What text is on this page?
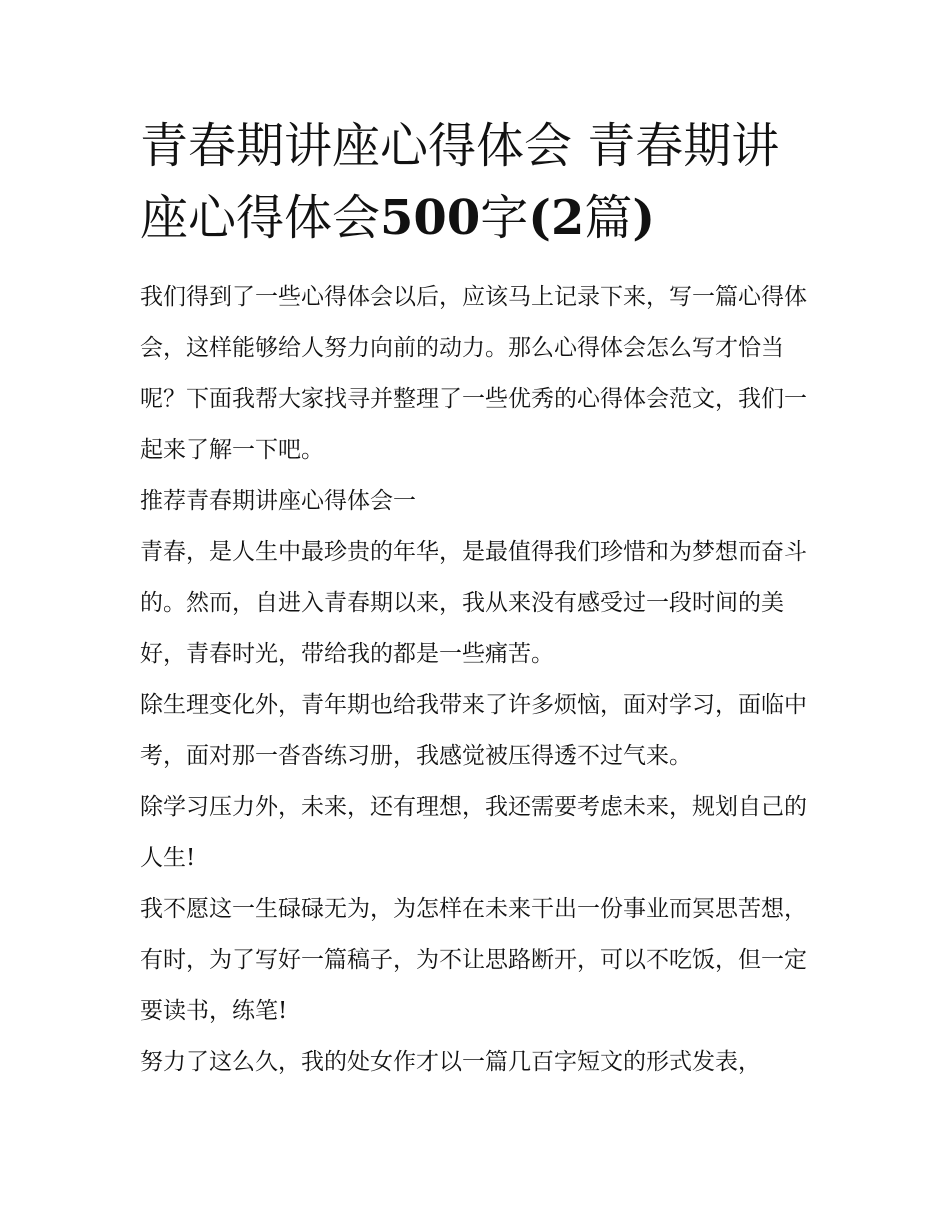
青春期讲座心得体会 青春期讲
座心得体会500字(2篇)

我们得到了一些心得体会以后，应该马上记录下来，写一篇心得体会，这样能够给人努力向前的动力。那么心得体会怎么写才恰当呢？下面我帮大家找寻并整理了一些优秀的心得体会范文，我们一起来了解一下吧。

推荐青春期讲座心得体会一

青春，是人生中最珍贵的年华，是最值得我们珍惜和为梦想而奋斗的。然而，自进入青春期以来，我从来没有感受过一段时间的美好，青春时光，带给我的都是一些痛苦。

除生理变化外，青年期也给我带来了许多烦恼，面对学习，面临中考，面对那一沓沓练习册，我感觉被压得透不过气来。

除学习压力外，未来，还有理想，我还需要考虑未来，规划自己的人生!

我不愿这一生碌碌无为，为怎样在未来干出一份事业而冥思苦想，有时，为了写好一篇稿子，为不让思路断开，可以不吃饭，但一定要读书，练笔!

努力了这么久，我的处女作才以一篇几百字短文的形式发表，
